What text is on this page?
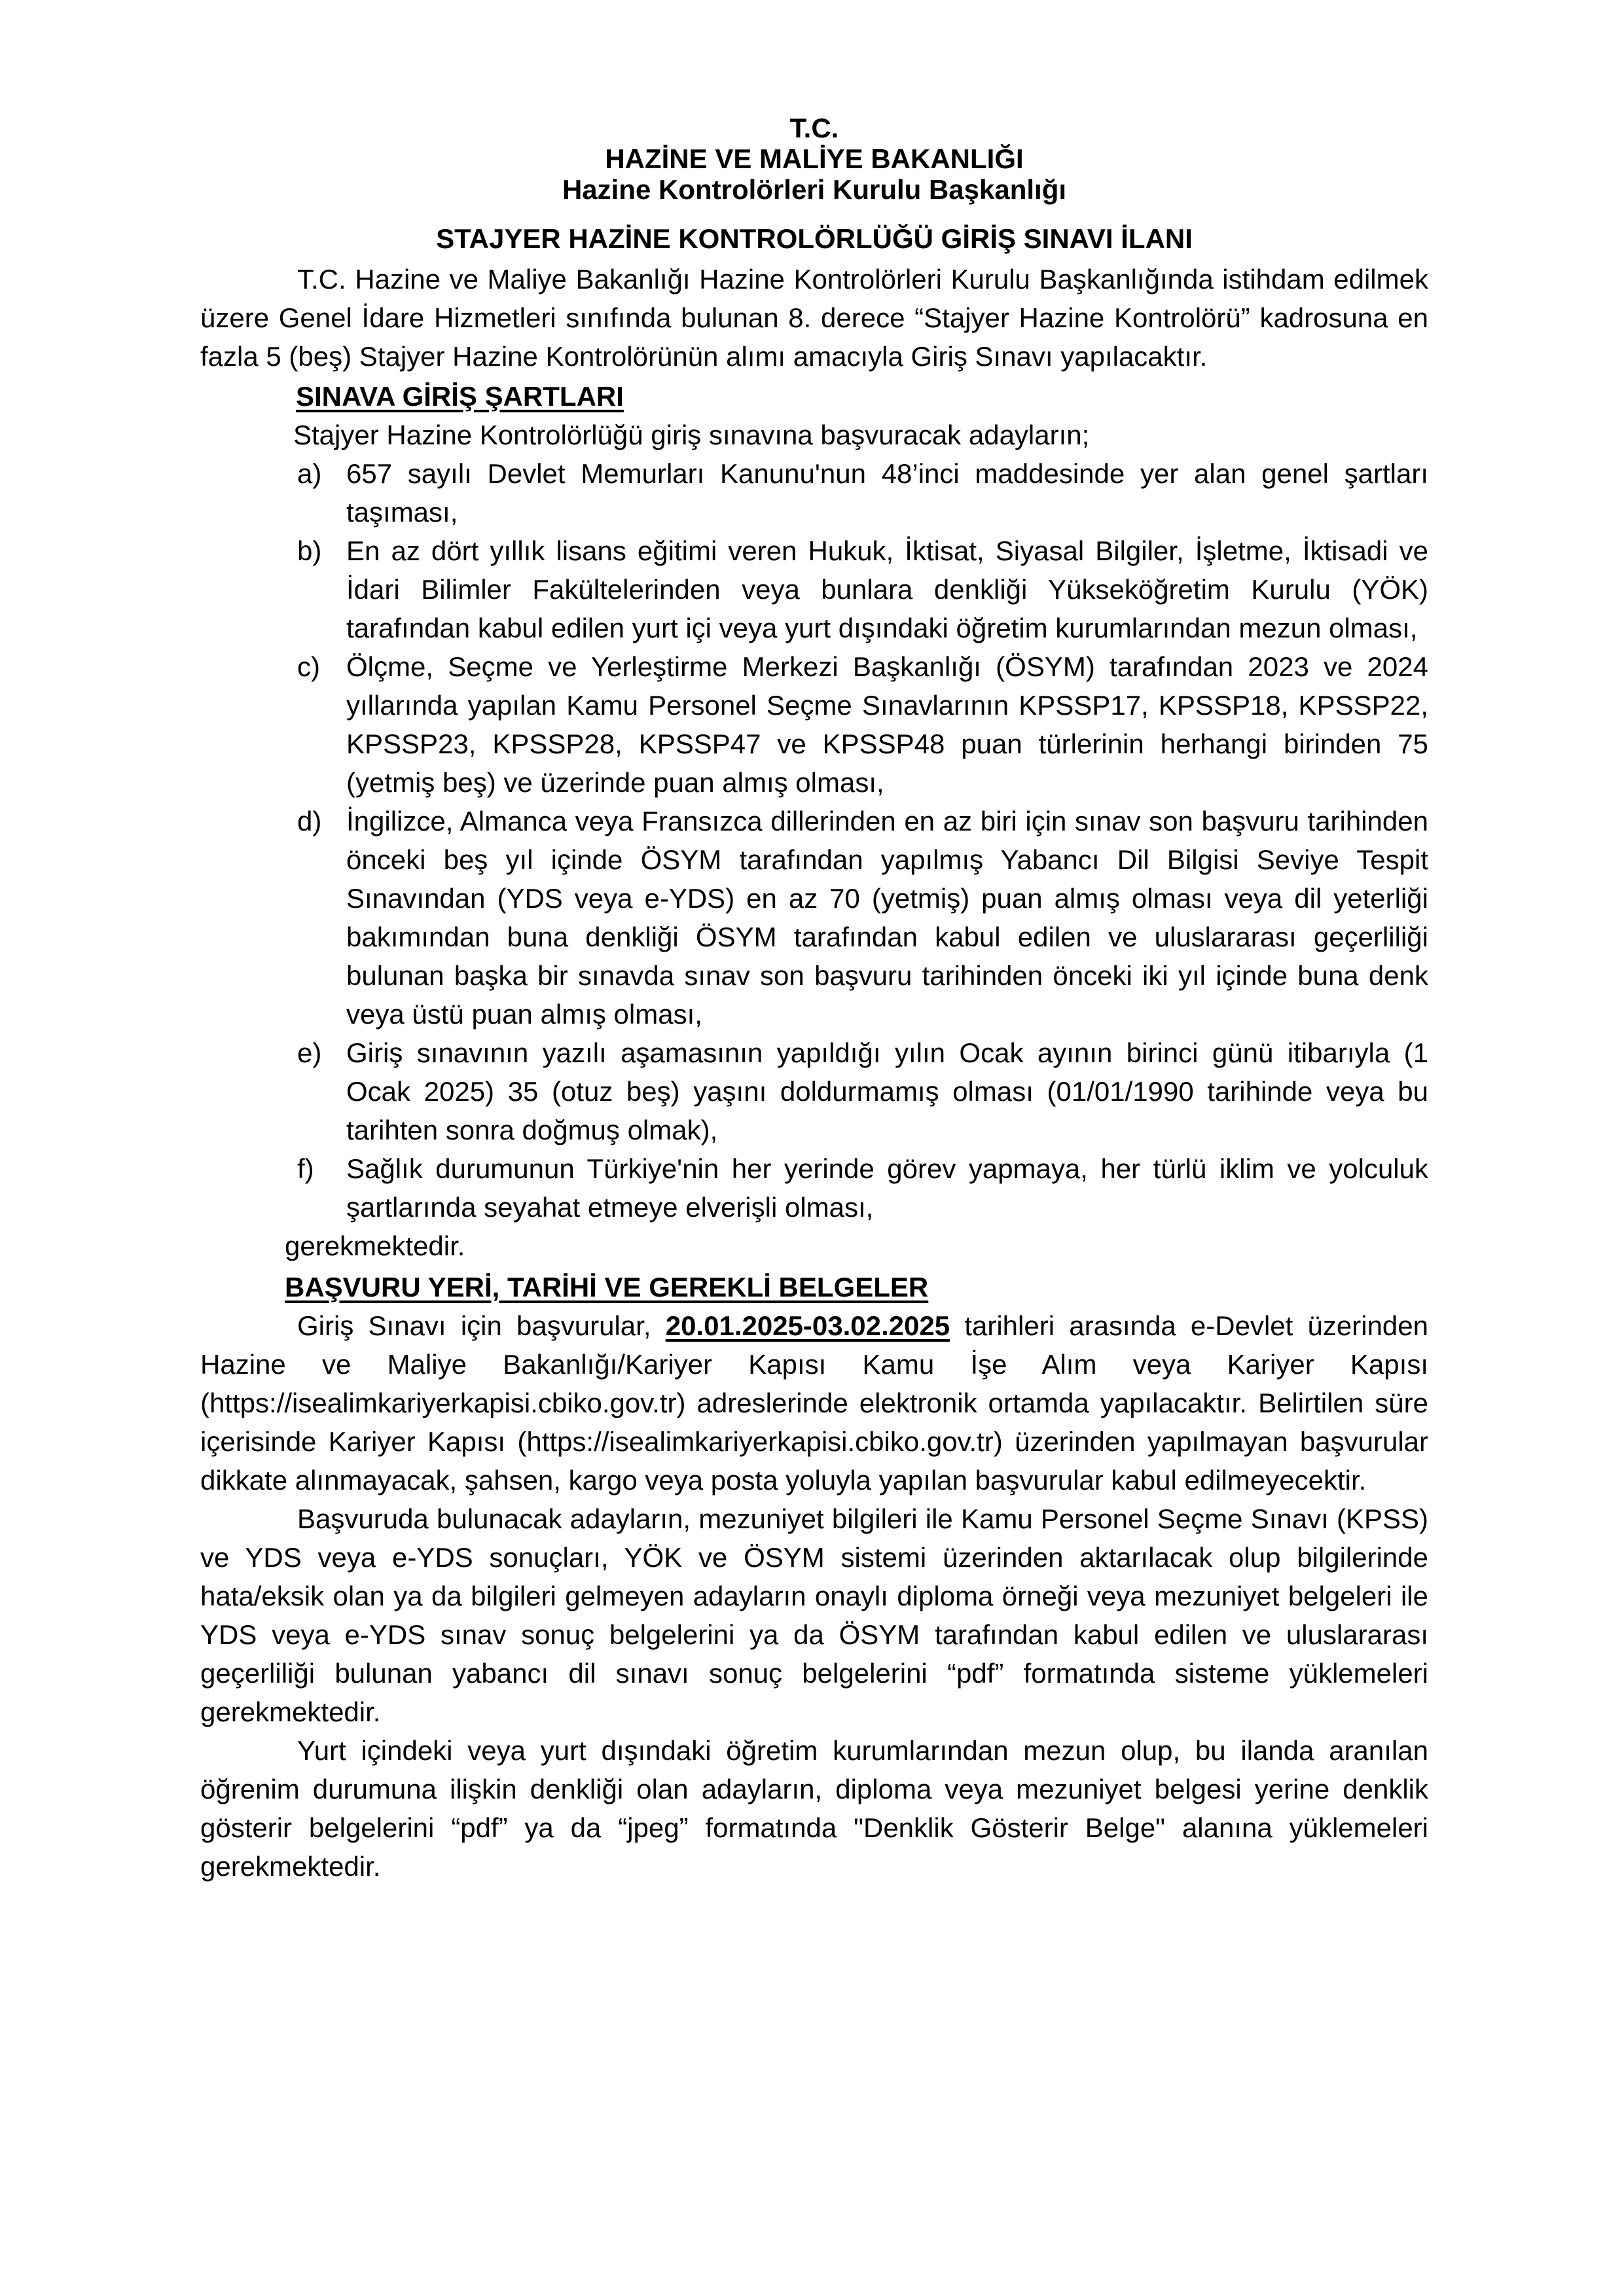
T.C.

HAZİNE VE MALİYE BAKANLIĞI

Hazine Kontrolörleri Kurulu Başkanlığı

STAJYER HAZİNE KONTROLÖRLÜĞÜ GİRİŞ SINAVI İLANI

T.C. Hazine ve Maliye Bakanlığı Hazine Kontrolörleri Kurulu Başkanlığında istihdam edilmek üzere Genel İdare Hizmetleri sınıfında bulunan 8. derece “Stajyer Hazine Kontrolörü” kadrosuna en fazla 5 (beş) Stajyer Hazine Kontrolörünün alımı amacıyla Giriş Sınavı yapılacaktır.

SINAVA GİRİŞ ŞARTLARI

Stajyer Hazine Kontrolörlüğü giriş sınavına başvuracak adayların;

a) 657 sayılı Devlet Memurları Kanunu'nun 48’inci maddesinde yer alan genel şartları taşıması,
b) En az dört yıllık lisans eğitimi veren Hukuk, İktisat, Siyasal Bilgiler, İşletme, İktisadi ve İdari Bilimler Fakültelerinden veya bunlara denkliği Yükseköğretim Kurulu (YÖK) tarafından kabul edilen yurt içi veya yurt dışındaki öğretim kurumlarından mezun olması,
c) Ölçme, Seçme ve Yerleştirme Merkezi Başkanlığı (ÖSYM) tarafından 2023 ve 2024 yıllarında yapılan Kamu Personel Seçme Sınavlarının KPSSP17, KPSSP18, KPSSP22, KPSSP23, KPSSP28, KPSSP47 ve KPSSP48 puan türlerinin herhangi birinden 75 (yetmiş beş) ve üzerinde puan almış olması,
d) İngilizce, Almanca veya Fransızca dillerinden en az biri için sınav son başvuru tarihinden önceki beş yıl içinde ÖSYM tarafından yapılmış Yabancı Dil Bilgisi Seviye Tespit Sınavından (YDS veya e-YDS) en az 70 (yetmiş) puan almış olması veya dil yeterliği bakımından buna denkliği ÖSYM tarafından kabul edilen ve uluslararası geçerliliği bulunan başka bir sınavda sınav son başvuru tarihinden önceki iki yıl içinde buna denk veya üstü puan almış olması,
e) Giriş sınavının yazılı aşamasının yapıldığı yılın Ocak ayının birinci günü itibarıyla (1 Ocak 2025) 35 (otuz beş) yaşını doldurmamış olması (01/01/1990 tarihinde veya bu tarihten sonra doğmuş olmak),
f) Sağlık durumunun Türkiye'nin her yerinde görev yapmaya, her türlü iklim ve yolculuk şartlarında seyahat etmeye elverişli olması,

gerekmektedir.

BAŞVURU YERİ, TARİHİ VE GEREKLİ BELGELER

Giriş Sınavı için başvurular, 20.01.2025-03.02.2025 tarihleri arasında e-Devlet üzerinden Hazine ve Maliye Bakanlığı/Kariyer Kapısı Kamu İşe Alım veya Kariyer Kapısı (https://isealimkariyerkapisi.cbiko.gov.tr) adreslerinde elektronik ortamda yapılacaktır. Belirtilen süre içerisinde Kariyer Kapısı (https://isealimkariyerkapisi.cbiko.gov.tr) üzerinden yapılmayan başvurular dikkate alınmayacak, şahsen, kargo veya posta yoluyla yapılan başvurular kabul edilmeyecektir.

Başvuruda bulunacak adayların, mezuniyet bilgileri ile Kamu Personel Seçme Sınavı (KPSS) ve YDS veya e-YDS sonuçları, YÖK ve ÖSYM sistemi üzerinden aktarılacak olup bilgilerinde hata/eksik olan ya da bilgileri gelmeyen adayların onaylı diploma örneği veya mezuniyet belgeleri ile YDS veya e-YDS sınav sonuç belgelerini ya da ÖSYM tarafından kabul edilen ve uluslararası geçerliliği bulunan yabancı dil sınavı sonuç belgelerini “pdf” formatında sisteme yüklemeleri gerekmektedir.

Yurt içindeki veya yurt dışındaki öğretim kurumlarından mezun olup, bu ilanda aranılan öğrenim durumuna ilişkin denkliği olan adayların, diploma veya mezuniyet belgesi yerine denklik gösterir belgelerini “pdf” ya da “jpeg” formatında "Denklik Gösterir Belge" alanına yüklemeleri gerekmektedir.
